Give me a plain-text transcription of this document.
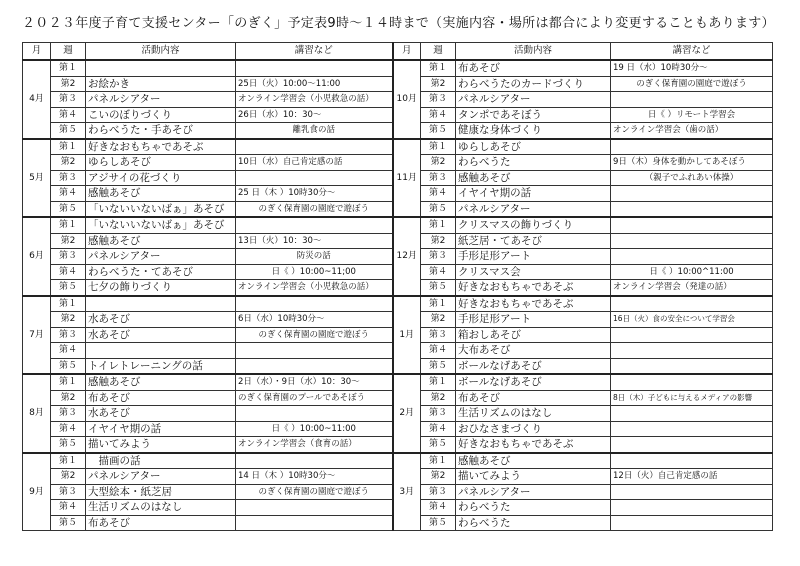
２０２３年度子育て支援センター「のぎく」予定表9時～１４時まで（実施内容・場所は都合により変更することもあります）
月	週	活動内容	講習など	月	週	活動内容	講習など
4月	第１			10月	第１	布あそび	19 日（水）10時30分～
	第2	お絵かき	25日（火）10:00～11:00		第2	わらべうたのカードづくり	のぎく保育園の園庭で遊ぼう
	第３	パネルシアター	オンライン学習会（小児救急の話）		第３	パネルシアター	
	第４	こいのぼりづくり	26日（水）10：30～		第４	タンポであそぼう	日《 ）リモート学習会
	第５	わらべうた・手あそび	離乳食の話		第５	健康な身体づくり	オンライン学習会（歯の話）
5月	第１	好きなおもちゃであそぶ		11月	第１	ゆらしあそび	
	第2	ゆらしあそび	10日（水）自己肯定感の話		第2	わらべうた	9日（木）身体を動かしてあそぼう
	第３	アジサイの花づくり			第３	感触あそび	（親子でふれあい体操）
	第４	感触あそび	25 日（木 ）10時30分～		第４	イヤイヤ期の話	
	第５	「いないいないばぁ」あそび	のぎく保育園の園庭で遊ぼう		第５	パネルシアター	
6月	第１	「いないいないばぁ」あそび		12月	第１	クリスマスの飾りづくり	
	第2	感触あそび	13日（火）10：30～		第2	紙芝居・てあそび	
	第３	パネルシアター	防災の話		第３	手形足形アート	
	第４	わらべうた・てあそび	日《 ）10:00~11;00		第４	クリスマス会	日《 ）10:00^11:00
	第５	七夕の飾りづくり	オンライン学習会（小児救急の話）		第５	好きなおもちゃであそぶ	オンライン学習会（発達の話）
7月	第１			1月	第１	好きなおもちゃであそぶ	
	第2	水あそび	6日（水）10時30分～		第2	手形足形アート	16日（火）食の安全について学習会
	第３	水あそび	のぎく保育園の園庭で遊ぼう		第３	箱おしあそび	
	第４				第４	大布あそび	
	第５	トイレトレーニングの話			第５	ボールなげあそび	
8月	第１	感触あそび	2日（水）・9日（水）10：30～	2月	第１	ボールなげあそび	
	第2	布あそび	のぎく保育園のプールであそぼう		第2	布あそび	8日（木）子どもに与えるメディアの影響
	第３	水あそび			第３	生活リズムのはなし	
	第４	イヤイヤ期の話	日《 ）10:00~11:00		第４	おひなさまづくり	
	第５	描いてみよう	オンライン学習会（食育の話）		第５	好きなおもちゃであそぶ	
9月	第１	　描画の話		3月	第１	感触あそび	
	第2	パネルシアター	14 日（木 ）10時30分～		第2	描いてみよう	12日（火）自己肯定感の話
	第３	大型絵本・紙芝居	のぎく保育園の園庭で遊ぼう		第３	パネルシアター	
	第４	生活リズムのはなし			第４	わらべうた	
	第５	布あそび			第５	わらべうた	
